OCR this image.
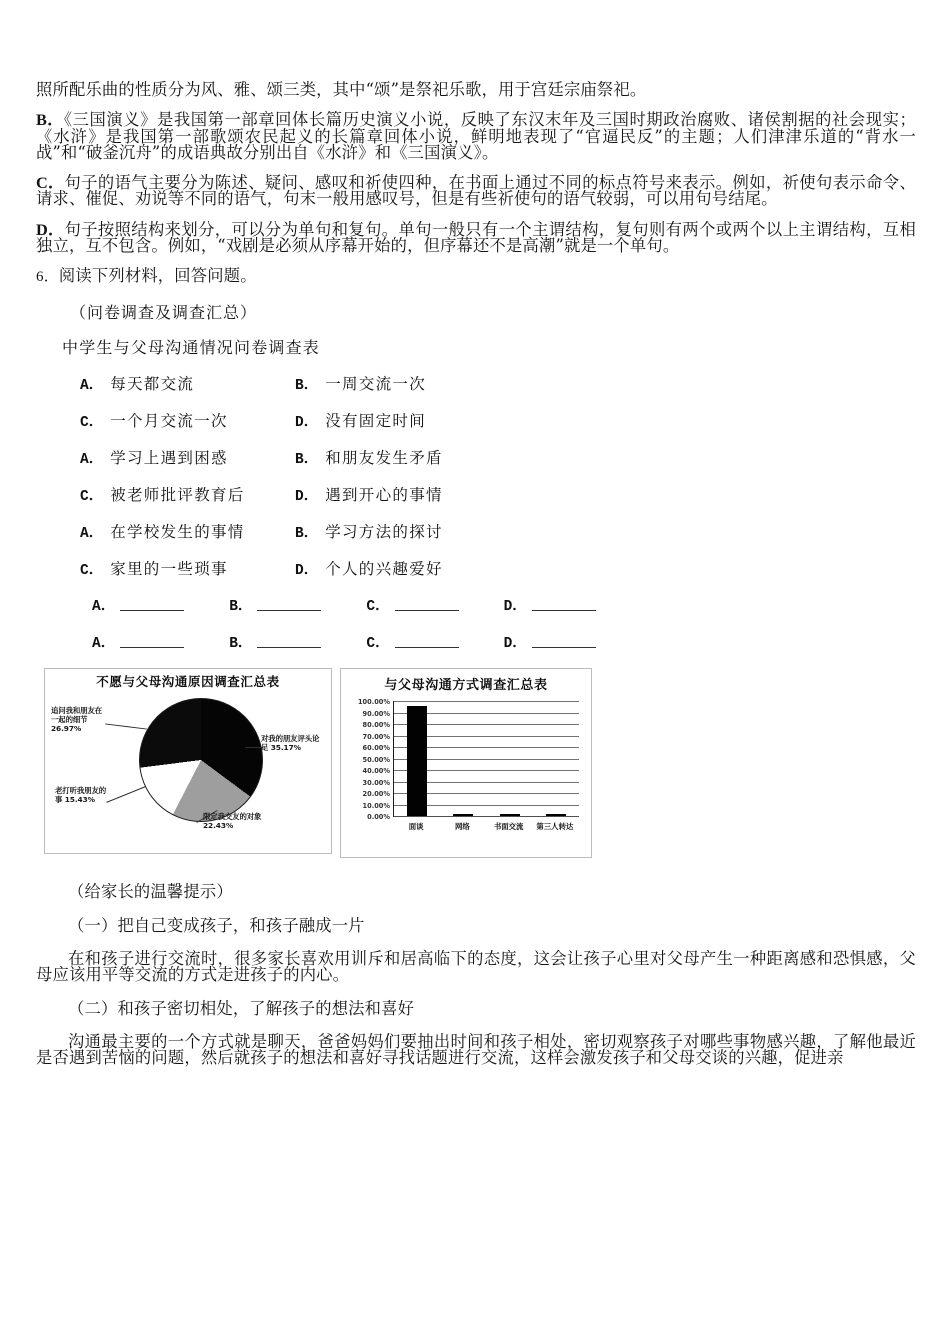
照所配乐曲的性质分为风、雅、颂三类，其中“颂”是祭祀乐歌，用于宫廷宗庙祭祀。

B．《三国演义》是我国第一部章回体长篇历史演义小说，反映了东汉末年及三国时期政治腐败、诸侯割据的社会现实；《水浒》是我国第一部歌颂农民起义的长篇章回体小说，鲜明地表现了“官逼民反”的主题；人们津津乐道的“背水一战”和“破釜沉舟”的成语典故分别出自《水浒》和《三国演义》。

C．句子的语气主要分为陈述、疑问、感叹和祈使四种，在书面上通过不同的标点符号来表示。例如，祈使句表示命令、请求、催促、劝说等不同的语气，句末一般用感叹号，但是有些祈使句的语气较弱，可以用句号结尾。

D．句子按照结构来划分，可以分为单句和复句。单句一般只有一个主谓结构，复句则有两个或两个以上主谓结构，互相独立，互不包含。例如，“戏剧是必须从序幕开始的，但序幕还不是高潮”就是一个单句。

6．阅读下列材料，回答问题。

（问卷调查及调查汇总）
中学生与父母沟通情况问卷调查表
A． 每天都交流	B． 一周交流一次
C． 一个月交流一次	D． 没有固定时间
A． 学习上遇到困惑	B． 和朋友发生矛盾
C． 被老师批评教育后	D． 遇到开心的事情
A． 在学校发生的事情	B． 学习方法的探讨
C． 家里的一些琐事	D． 个人的兴趣爱好
A．	B．	C．	D．
A．	B．	C．	D．
不愿与父母沟通原因调查汇总表
追问我和朋友在一起的细节 26.97%
对我的朋友评头论足 35.17%
老打听我朋友的事 15.43%
限定我交友的对象 22.43%
与父母沟通方式调查汇总表
100.00%
90.00%
80.00%
70.00%
60.00%
50.00%
40.00%
30.00%
20.00%
10.00%
0.00%
面谈	网络	书面交流 第三人转达

（给家长的温馨提示）

（一）把自己变成孩子，和孩子融成一片

在和孩子进行交流时，很多家长喜欢用训斥和居高临下的态度，这会让孩子心里对父母产生一种距离感和恐惧感，父母应该用平等交流的方式走进孩子的内心。

（二）和孩子密切相处，了解孩子的想法和喜好

沟通最主要的一个方式就是聊天，爸爸妈妈们要抽出时间和孩子相处，密切观察孩子对哪些事物感兴趣，了解他最近是否遇到苦恼的问题，然后就孩子的想法和喜好寻找话题进行交流，这样会激发孩子和父母交谈的兴趣，促进亲
